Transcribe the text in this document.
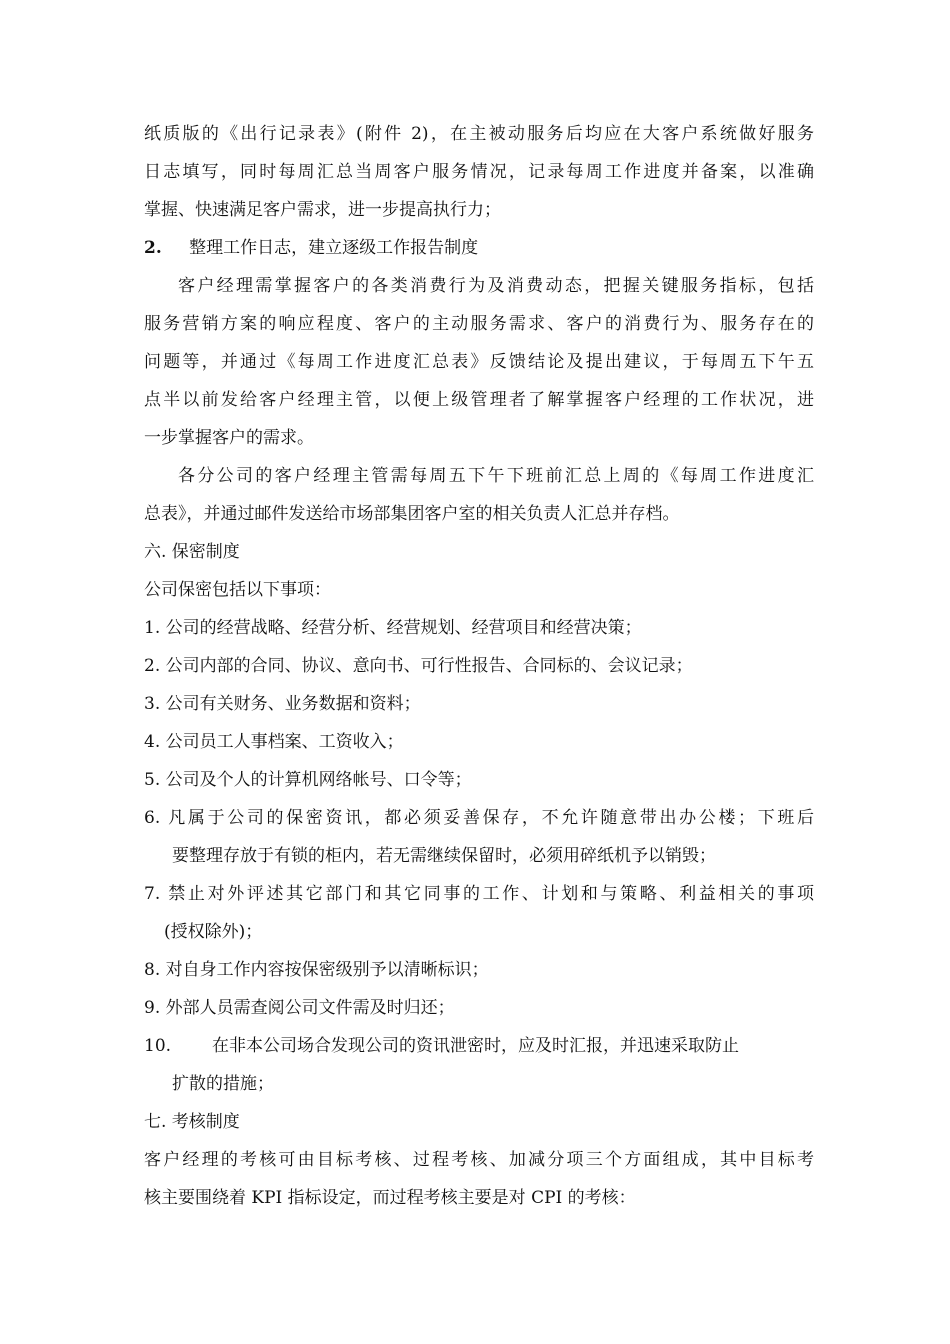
纸质版的《出行记录表》(附件 2)，在主被动服务后均应在大客户系统做好服务
日志填写，同时每周汇总当周客户服务情况，记录每周工作进度并备案，以准确
掌握、快速满足客户需求，进一步提高执行力；
2. 整理工作日志，建立逐级工作报告制度
客户经理需掌握客户的各类消费行为及消费动态，把握关键服务指标，包括
服务营销方案的响应程度、客户的主动服务需求、客户的消费行为、服务存在的
问题等，并通过《每周工作进度汇总表》反馈结论及提出建议，于每周五下午五
点半以前发给客户经理主管，以便上级管理者了解掌握客户经理的工作状况，进
一步掌握客户的需求。
各分公司的客户经理主管需每周五下午下班前汇总上周的《每周工作进度汇
总表》，并通过邮件发送给市场部集团客户室的相关负责人汇总并存档。
六. 保密制度
公司保密包括以下事项：
1. 公司的经营战略、经营分析、经营规划、经营项目和经营决策；
2. 公司内部的合同、协议、意向书、可行性报告、合同标的、会议记录；
3. 公司有关财务、业务数据和资料；
4. 公司员工人事档案、工资收入；
5. 公司及个人的计算机网络帐号、口令等；
6. 凡属于公司的保密资讯，都必须妥善保存，不允许随意带出办公楼；下班后
要整理存放于有锁的柜内，若无需继续保留时，必须用碎纸机予以销毁；
7. 禁止对外评述其它部门和其它同事的工作、计划和与策略、利益相关的事项
(授权除外)；
8. 对自身工作内容按保密级别予以清晰标识；
9. 外部人员需查阅公司文件需及时归还；
10. 在非本公司场合发现公司的资讯泄密时，应及时汇报，并迅速采取防止
扩散的措施；
七. 考核制度
客户经理的考核可由目标考核、过程考核、加减分项三个方面组成，其中目标考
核主要围绕着 KPI 指标设定，而过程考核主要是对 CPI 的考核：
